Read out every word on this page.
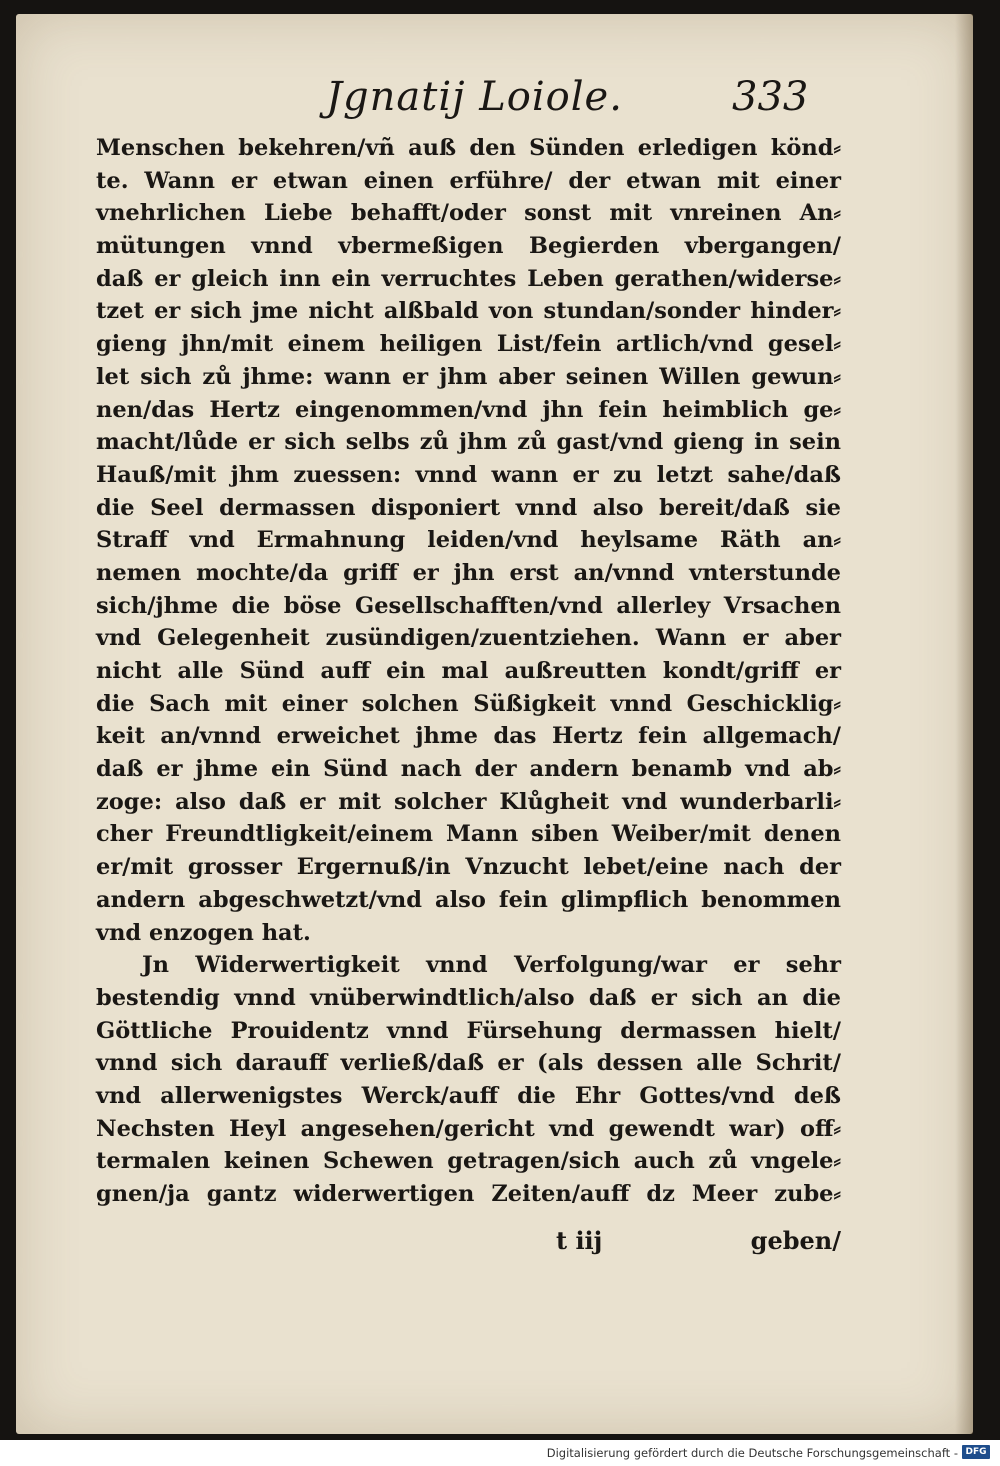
Jgnatij Loiole.	333
Menschen bekehren/vñ auß den Sünden erledigen könd⸗
te. Wann er etwan einen erführe/ der etwan mit einer
vnehrlichen Liebe behafft/oder sonst mit vnreinen An⸗
mütungen vnnd vbermeßigen Begierden vbergangen/
daß er gleich inn ein verruchtes Leben gerathen/widerse⸗
tzet er sich jme nicht alßbald von stundan/sonder hinder⸗
gieng jhn/mit einem heiligen List/fein artlich/vnd gesel⸗
let sich zů jhme: wann er jhm aber seinen Willen gewun⸗
nen/das Hertz eingenommen/vnd jhn fein heimblich ge⸗
macht/lůde er sich selbs zů jhm zů gast/vnd gieng in sein
Hauß/mit jhm zuessen: vnnd wann er zu letzt sahe/daß
die Seel dermassen disponiert vnnd also bereit/daß sie
Straff vnd Ermahnung leiden/vnd heylsame Räth an⸗
nemen mochte/da griff er jhn erst an/vnnd vnterstunde
sich/jhme die böse Gesellschafften/vnd allerley Vrsachen
vnd Gelegenheit zusündigen/zuentziehen. Wann er aber
nicht alle Sünd auff ein mal außreutten kondt/griff er
die Sach mit einer solchen Süßigkeit vnnd Geschicklig⸗
keit an/vnnd erweichet jhme das Hertz fein allgemach/
daß er jhme ein Sünd nach der andern benamb vnd ab⸗
zoge: also daß er mit solcher Klůgheit vnd wunderbarli⸗
cher Freundtligkeit/einem Mann siben Weiber/mit denen
er/mit grosser Ergernuß/in Vnzucht lebet/eine nach der
andern abgeschwetzt/vnd also fein glimpflich benommen
vnd enzogen hat.
Jn Widerwertigkeit vnnd Verfolgung/war er sehr
bestendig vnnd vnüberwindtlich/also daß er sich an die
Göttliche Prouidentz vnnd Fürsehung dermassen hielt/
vnnd sich darauff verließ/daß er (als dessen alle Schrit/
vnd allerwenigstes Werck/auff die Ehr Gottes/vnd deß
Nechsten Heyl angesehen/gericht vnd gewendt war) off⸗
termalen keinen Schewen getragen/sich auch zů vngele⸗
gnen/ja gantz widerwertigen Zeiten/auff dz Meer zube⸗
t iij	geben/
Digitalisierung gefördert durch die Deutsche Forschungsgemeinschaft - DFG
